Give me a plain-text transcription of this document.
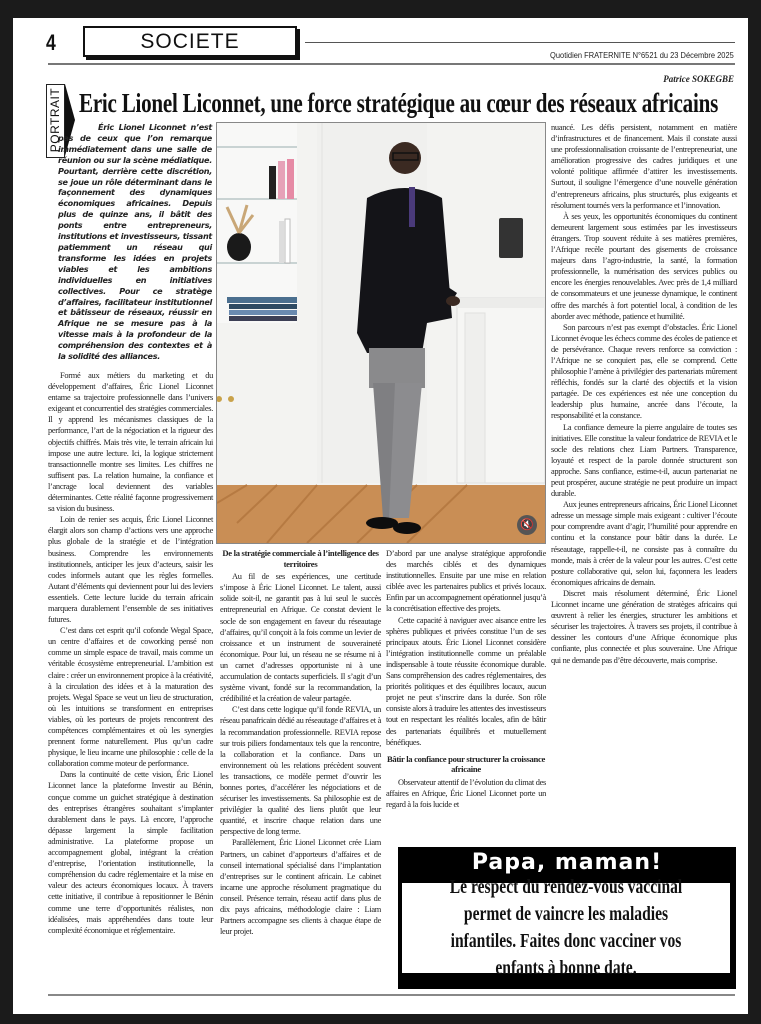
4	SOCIETE
Quotidien FRATERNITE N°6521 du 23 Décembre 2025
Patrice SOKEGBE
PORTRAIT Eric Lionel Liconnet, une force stratégique au cœur des réseaux africains

Éric Lionel Liconnet n’est pas de ceux que l’on remarque immédiatement dans une salle de réunion ou sur la scène médiatique. Pourtant, derrière cette discrétion, se joue un rôle déterminant dans le façonnement des dynamiques économiques africaines. Depuis plus de quinze ans, il bâtit des ponts entre entrepreneurs, institutions et investisseurs, tissant patiemment un réseau qui transforme les idées en projets viables et les ambitions individuelles en initiatives collectives. Pour ce stratège d’affaires, facilitateur institutionnel et bâtisseur de réseaux, réussir en Afrique ne se mesure pas à la vitesse mais à la profondeur de la compréhension des contextes et à la solidité des alliances.

Formé aux métiers du marketing et du développement d’affaires, Éric Lionel Liconnet entame sa trajectoire professionnelle dans l’univers exigeant et concurrentiel des stratégies commerciales. Il y apprend les mécanismes classiques de la performance, l’art de la négociation et la rigueur des objectifs chiffrés. Mais très vite, le terrain africain lui impose une autre lecture. Ici, la logique strictement transactionnelle montre ses limites. Les chiffres ne suffisent pas. La relation humaine, la confiance et l’ancrage local deviennent des variables déterminantes. Cette réalité façonne progressivement sa vision du business.

Loin de renier ses acquis, Éric Lionel Liconnet élargit alors son champ d’actions vers une approche plus globale de la stratégie et de l’intégration business. Comprendre les environnements institutionnels, anticiper les jeux d’acteurs, saisir les codes informels autant que les règles formelles. Autant d’éléments qui deviennent pour lui des leviers essentiels. Cette lecture lucide du terrain africain marquera durablement l’ensemble de ses initiatives futures.

C’est dans cet esprit qu’il cofonde Wegal Space, un centre d’affaires et de coworking pensé non comme un simple espace de travail, mais comme un véritable écosystème entrepreneurial. L’ambition est claire : créer un environnement propice à la créativité, à la circulation des idées et à la maturation des projets. Wegal Space se veut un lieu de structuration, où les intuitions se transforment en entreprises viables, où les porteurs de projets rencontrent des compétences complémentaires et où les synergies prennent forme naturellement. Plus qu’un cadre physique, le lieu incarne une philosophie : celle de la collaboration comme moteur de performance.

Dans la continuité de cette vision, Éric Lionel Liconnet lance la plateforme Investir au Bénin, conçue comme un guichet stratégique à destination des entreprises étrangères souhaitant s’implanter durablement dans le pays. Là encore, l’approche dépasse largement la simple facilitation administrative. La plateforme propose un accompagnement global, intégrant la création d’entreprise, l’orientation institutionnelle, la compréhension du cadre réglementaire et la mise en valeur des acteurs économiques locaux. À travers cette initiative, il contribue à repositionner le Bénin comme une terre d’opportunités réalistes, non idéalisées, mais appréhendées dans toute leur complexité économique et réglementaire.

🔇

De la stratégie commerciale à l’intelligence des territoires

Au fil de ses expériences, une certitude s’impose à Éric Lionel Liconnet. Le talent, aussi solide soit-il, ne garantit pas à lui seul le succès entrepreneurial en Afrique. Ce constat devient le socle de son engagement en faveur du réseautage d’affaires, qu’il conçoit à la fois comme un levier de croissance et un instrument de souveraineté économique. Pour lui, un réseau ne se résume ni à un carnet d’adresses opportuniste ni à une accumulation de contacts superficiels. Il s’agit d’un système vivant, fondé sur la recommandation, la crédibilité et la création de valeur partagée.

C’est dans cette logique qu’il fonde REVIA, un réseau panafricain dédié au réseautage d’affaires et à la recommandation professionnelle. REVIA repose sur trois piliers fondamentaux tels que la rencontre, la collaboration et la confiance. Dans un environnement où les relations précèdent souvent les transactions, ce modèle permet d’ouvrir les bonnes portes, d’accélérer les négociations et de sécuriser les investissements. Sa philosophie est de privilégier la qualité des liens plutôt que leur quantité, et inscrire chaque relation dans une perspective de long terme.

Parallèlement, Éric Lionel Liconnet crée Liam Partners, un cabinet d’apporteurs d’affaires et de conseil international spécialisé dans l’implantation d’entreprises sur le continent africain. Le cabinet incarne une approche résolument pragmatique du conseil. Présence terrain, réseau actif dans plus de dix pays africains, méthodologie claire : Liam Partners accompagne ses clients à chaque étape de leur projet.

D’abord par une analyse stratégique approfondie des marchés ciblés et des dynamiques institutionnelles. Ensuite par une mise en relation ciblée avec les partenaires publics et privés locaux. Enfin par un accompagnement opérationnel jusqu’à la concrétisation effective des projets.

Cette capacité à naviguer avec aisance entre les sphères publiques et privées constitue l’un de ses principaux atouts. Éric Lionel Liconnet considère l’intégration institutionnelle comme un préalable indispensable à toute réussite économique durable. Sans compréhension des cadres réglementaires, des priorités politiques et des équilibres locaux, aucun projet ne peut s’inscrire dans la durée. Son rôle consiste alors à traduire les attentes des investisseurs tout en respectant les réalités locales, afin de bâtir des partenariats équilibrés et mutuellement bénéfiques.

Bâtir la confiance pour structurer la croissance africaine

Observateur attentif de l’évolution du climat des affaires en Afrique, Éric Lionel Liconnet porte un regard à la fois lucide et

nuancé. Les défis persistent, notamment en matière d’infrastructures et de financement. Mais il constate aussi une professionnalisation croissante de l’entrepreneuriat, une amélioration progressive des cadres juridiques et une volonté politique affirmée d’attirer les investissements. Surtout, il souligne l’émergence d’une nouvelle génération d’entrepreneurs africains, plus structurés, plus exigeants et résolument tournés vers la performance et l’innovation.

À ses yeux, les opportunités économiques du continent demeurent largement sous estimées par les investisseurs étrangers. Trop souvent réduite à ses matières premières, l’Afrique recèle pourtant des gisements de croissance majeurs dans l’agro-industrie, la santé, la formation professionnelle, la numérisation des services publics ou encore les énergies renouvelables. Avec près de 1,4 milliard de consommateurs et une jeunesse dynamique, le continent offre des marchés à fort potentiel local, à condition de les aborder avec méthode, patience et humilité.

Son parcours n’est pas exempt d’obstacles. Éric Lionel Liconnet évoque les échecs comme des écoles de patience et de persévérance. Chaque revers renforce sa conviction : l’Afrique ne se conquiert pas, elle se comprend. Cette philosophie l’amène à privilégier des partenariats mûrement réfléchis, fondés sur la clarté des objectifs et la vision partagée. De ces expériences est née une conception du leadership plus humaine, ancrée dans l’écoute, la responsabilité et la constance.

La confiance demeure la pierre angulaire de toutes ses initiatives. Elle constitue la valeur fondatrice de REVIA et le socle des relations chez Liam Partners. Transparence, loyauté et respect de la parole donnée structurent son approche. Sans confiance, estime-t-il, aucun partenariat ne peut prospérer, aucune stratégie ne peut produire un impact durable.

Aux jeunes entrepreneurs africains, Éric Lionel Liconnet adresse un message simple mais exigeant : cultiver l’écoute pour comprendre avant d’agir, l’humilité pour apprendre en continu et la constance pour bâtir dans la durée. Le réseautage, rappelle-t-il, ne consiste pas à connaître du monde, mais à créer de la valeur pour les autres. C’est cette posture collaborative qui, selon lui, façonnera les leaders économiques africains de demain.

Discret mais résolument déterminé, Éric Lionel Liconnet incarne une génération de stratèges africains qui œuvrent à relier les énergies, structurer les ambitions et sécuriser les trajectoires. À travers ses projets, il contribue à dessiner les contours d’une Afrique économique plus confiante, plus connectée et plus souveraine. Une Afrique qui ne demande pas d’être découverte, mais comprise.

Papa, maman!
Le respect du rendez-vous vaccinal permet de vaincre les maladies infantiles. Faites donc vacciner vos enfants à bonne date.
